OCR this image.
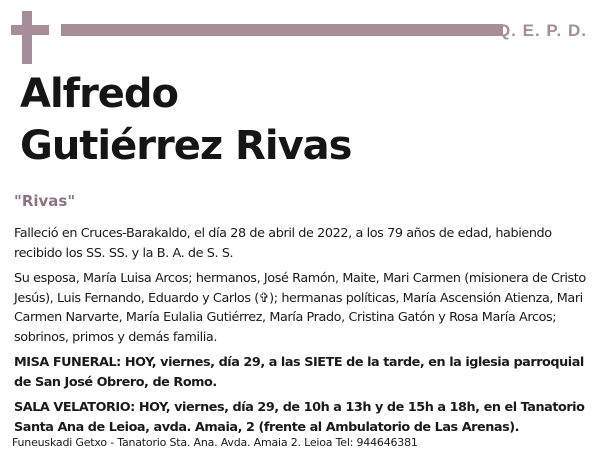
Q. E. P. D.
Alfredo
Gutiérrez Rivas
"Rivas"

Falleció en Cruces-Barakaldo, el día 28 de abril de 2022, a los 79 años de edad, habiendo recibido los SS. SS. y la B. A. de S. S.

Su esposa, María Luisa Arcos; hermanos, José Ramón, Maite, Mari Carmen (misionera de Cristo Jesús), Luis Fernando, Eduardo y Carlos (✞); hermanas políticas, María Ascensión Atienza, Mari Carmen Narvarte, María Eulalia Gutiérrez, María Prado, Cristina Gatón y Rosa María Arcos; sobrinos, primos y demás familia.

MISA FUNERAL: HOY, viernes, día 29, a las SIETE de la tarde, en la iglesia parroquial de San José Obrero, de Romo.

SALA VELATORIO: HOY, viernes, día 29, de 10h a 13h y de 15h a 18h, en el Tanatorio Santa Ana de Leioa, avda. Amaia, 2 (frente al Ambulatorio de Las Arenas).

Funeuskadi Getxo - Tanatorio Sta. Ana. Avda. Amaia 2. Leioa Tel: 944646381
